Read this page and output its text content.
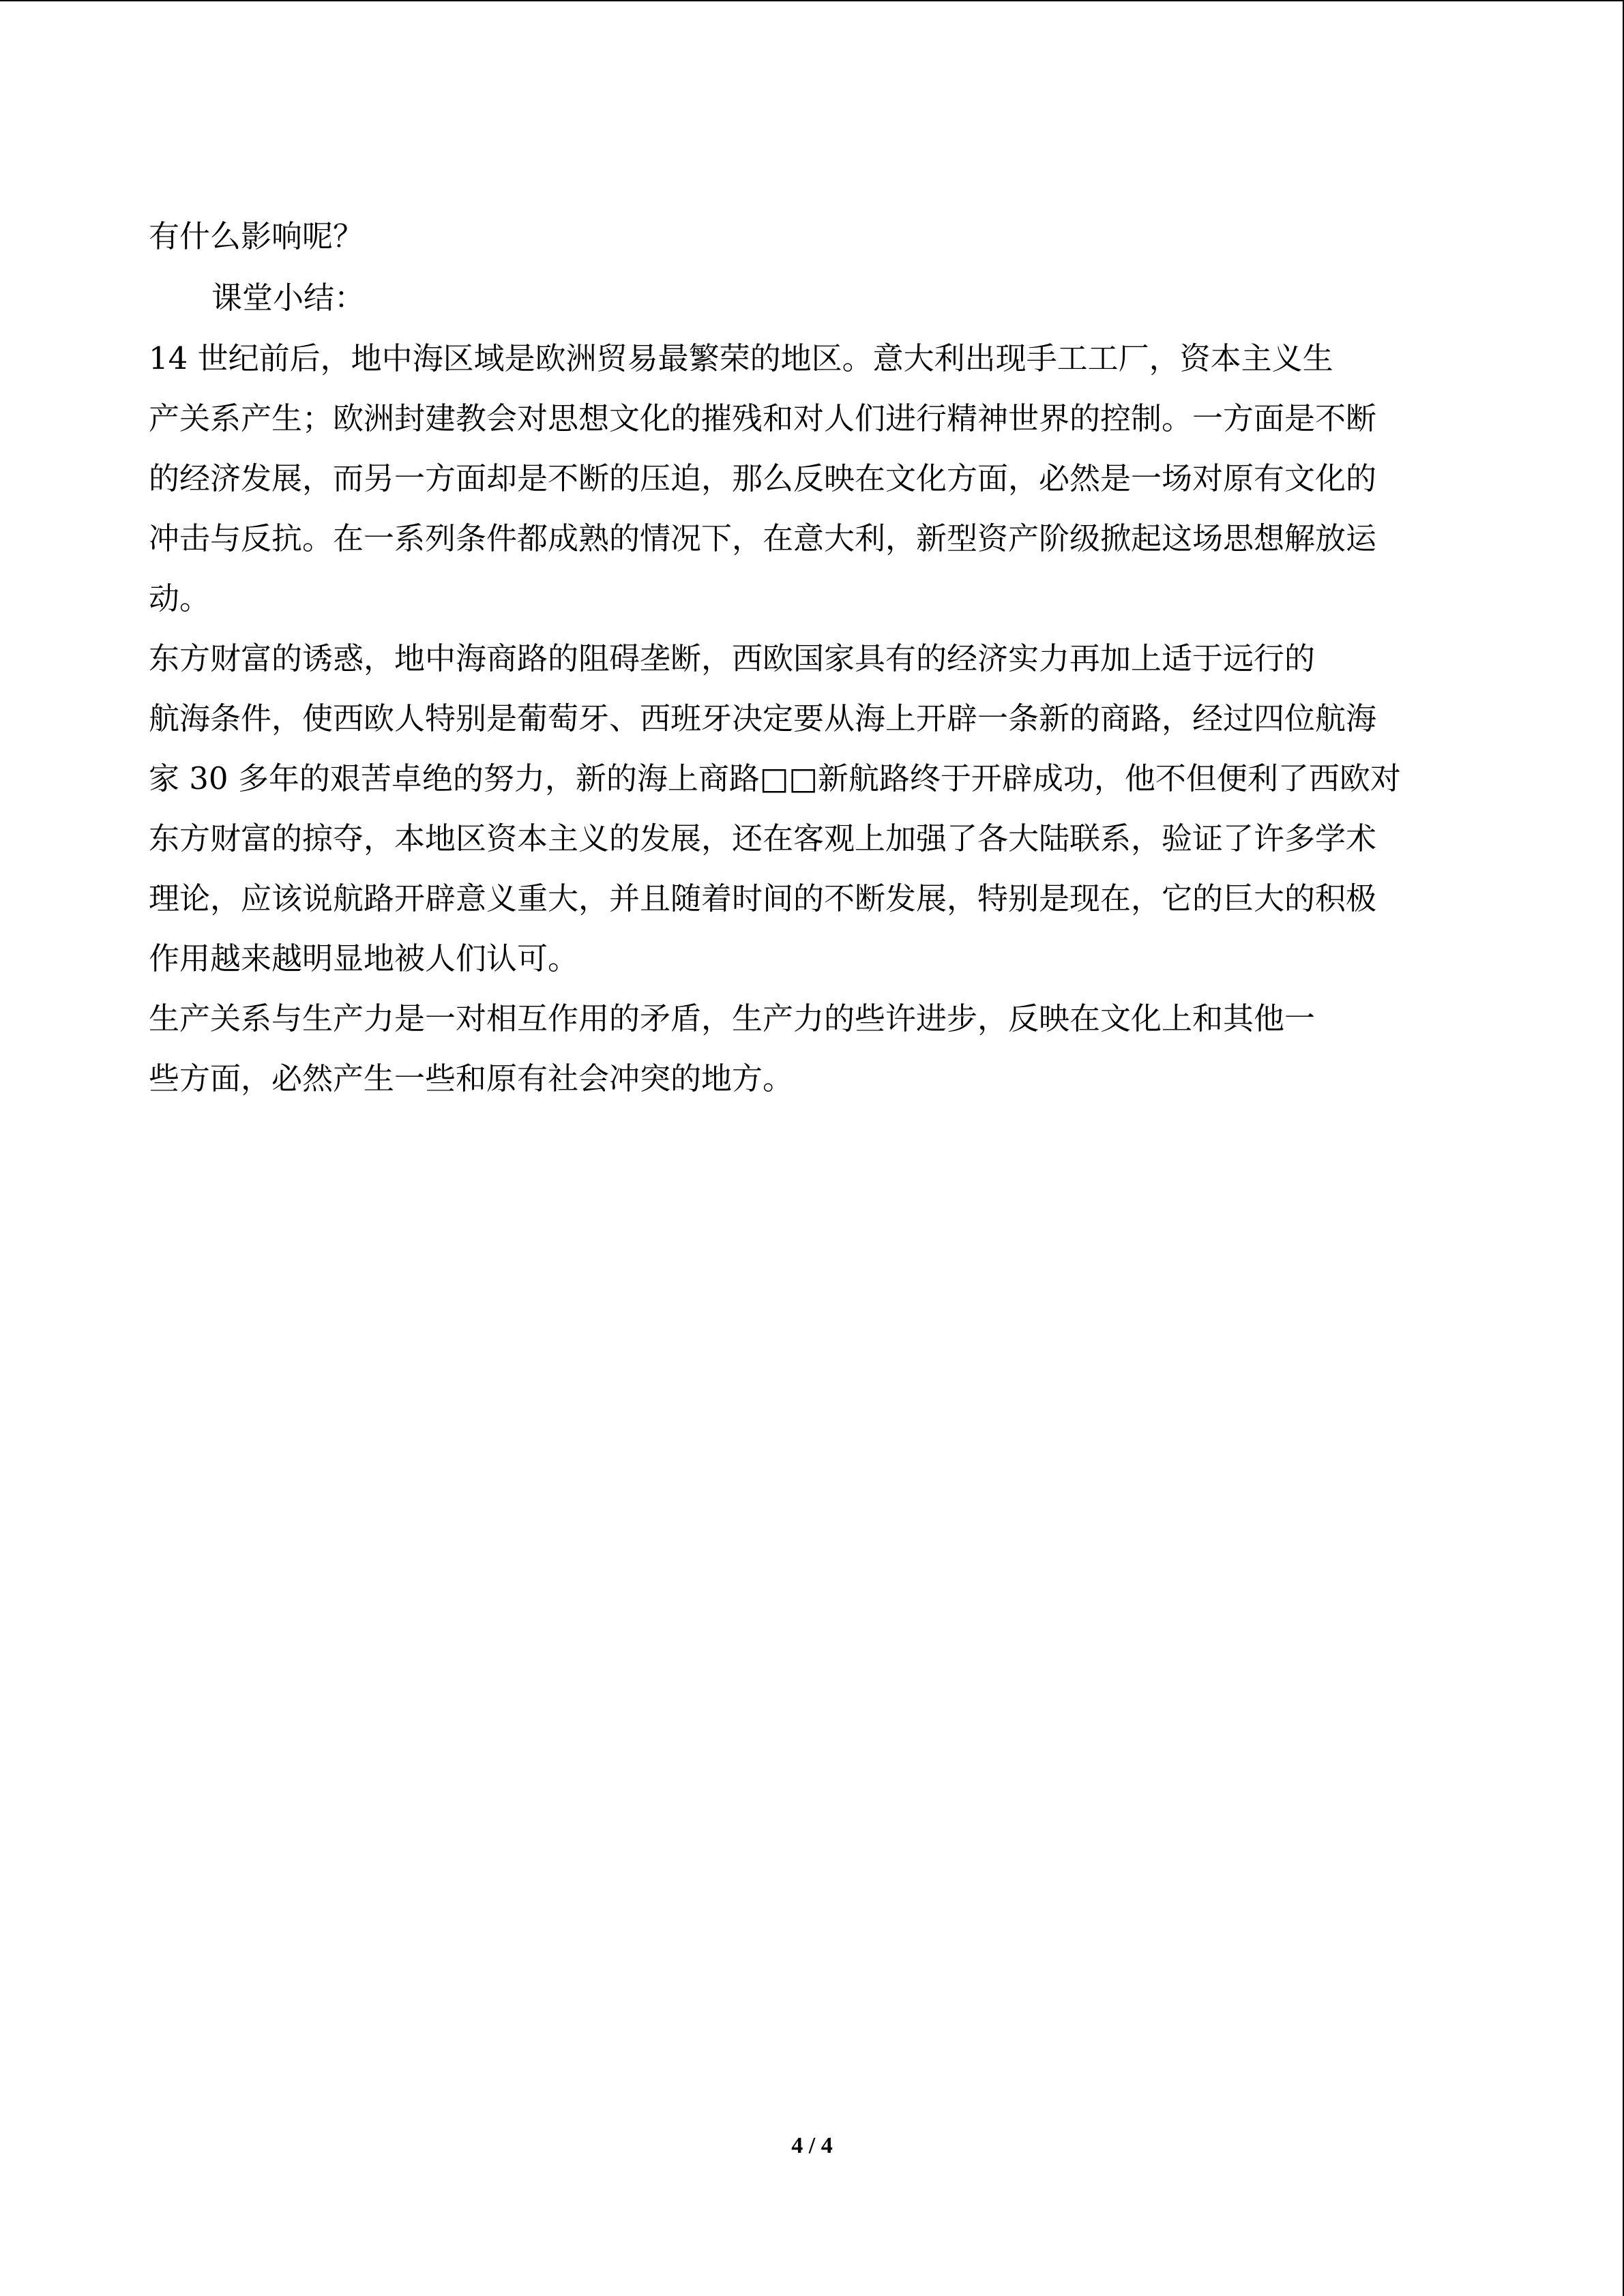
有什么影响呢？

课堂小结：

14 世纪前后，地中海区域是欧洲贸易最繁荣的地区。意大利出现手工工厂，资本主义生
产关系产生；欧洲封建教会对思想文化的摧残和对人们进行精神世界的控制。一方面是不断
的经济发展，而另一方面却是不断的压迫，那么反映在文化方面，必然是一场对原有文化的
冲击与反抗。在一系列条件都成熟的情况下，在意大利，新型资产阶级掀起这场思想解放运
动。

东方财富的诱惑，地中海商路的阻碍垄断，西欧国家具有的经济实力再加上适于远行的
航海条件，使西欧人特别是葡萄牙、西班牙决定要从海上开辟一条新的商路，经过四位航海
家 30 多年的艰苦卓绝的努力，新的海上商路□□新航路终于开辟成功，他不但便利了西欧对
东方财富的掠夺，本地区资本主义的发展，还在客观上加强了各大陆联系，验证了许多学术
理论，应该说航路开辟意义重大，并且随着时间的不断发展，特别是现在，它的巨大的积极
作用越来越明显地被人们认可。

生产关系与生产力是一对相互作用的矛盾，生产力的些许进步，反映在文化上和其他一
些方面，必然产生一些和原有社会冲突的地方。

4 / 4
